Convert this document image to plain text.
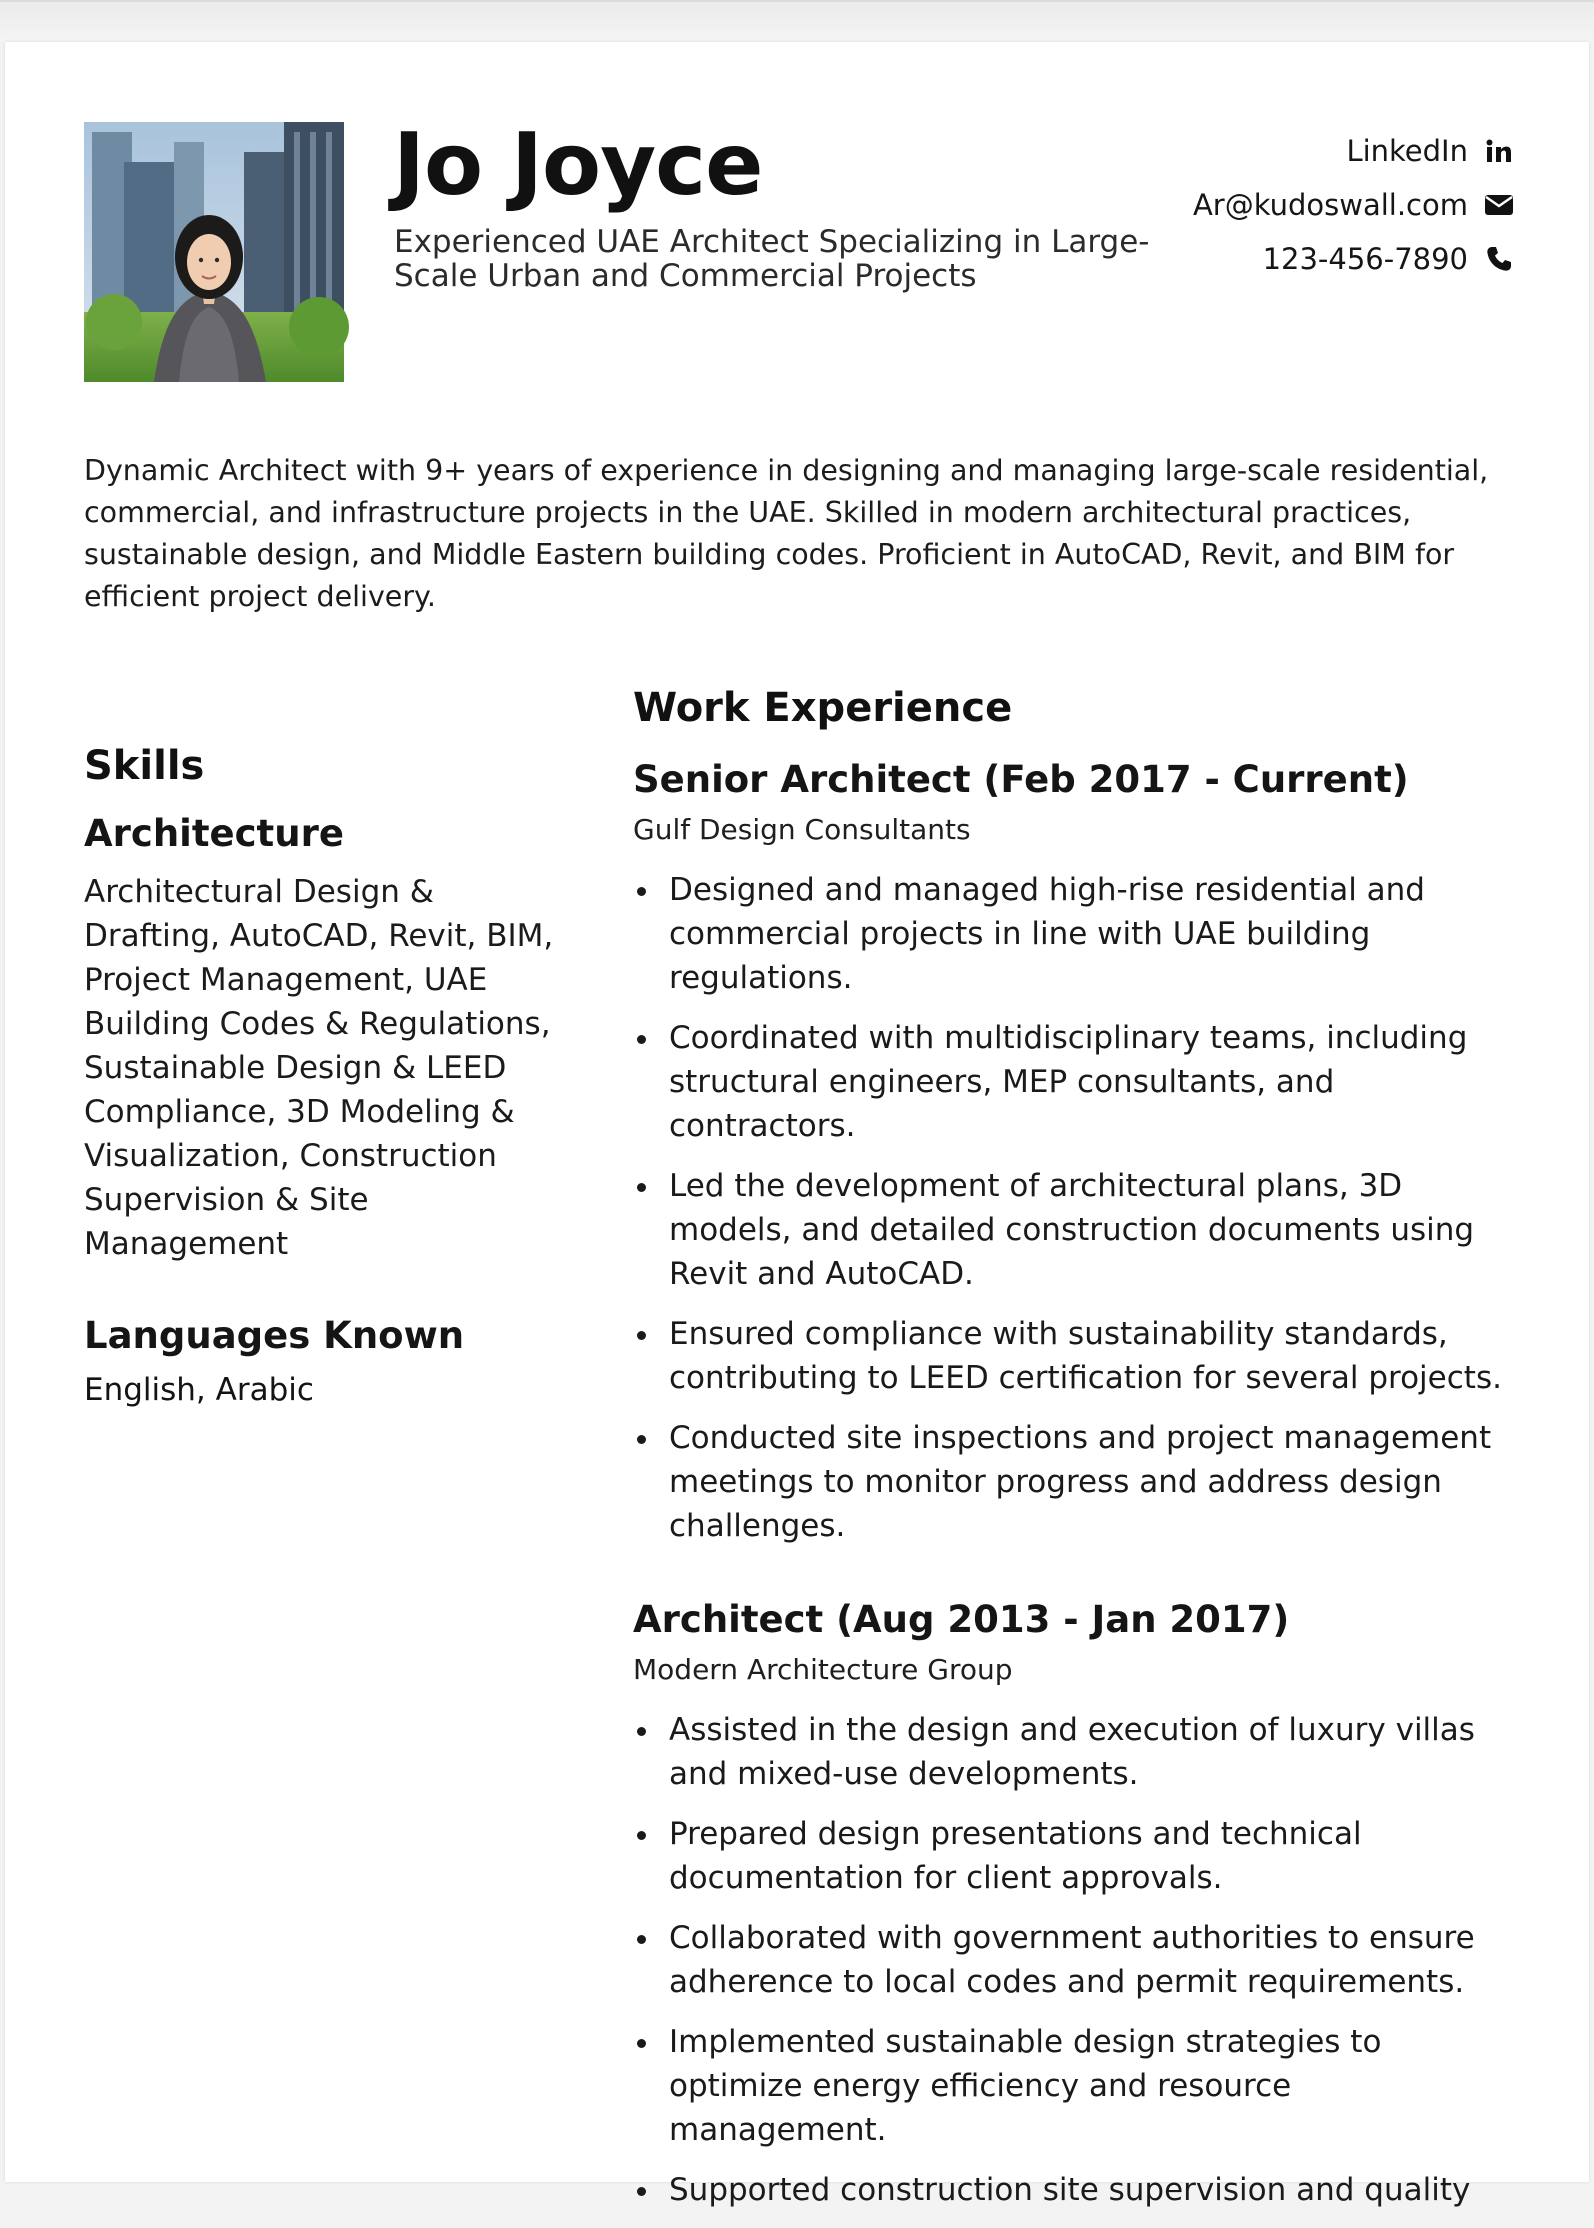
Jo Joyce

Experienced UAE Architect Specializing in Large-Scale Urban and Commercial Projects

LinkedIn
Ar@kudoswall.com
123-456-7890

Dynamic Architect with 9+ years of experience in designing and managing large-scale residential, commercial, and infrastructure projects in the UAE. Skilled in modern architectural practices, sustainable design, and Middle Eastern building codes. Proficient in AutoCAD, Revit, and BIM for efficient project delivery.

Skills
Architecture

Architectural Design & Drafting, AutoCAD, Revit, BIM, Project Management, UAE Building Codes & Regulations, Sustainable Design & LEED Compliance, 3D Modeling & Visualization, Construction Supervision & Site Management

Languages Known

English, Arabic

Work Experience
Senior Architect (Feb 2017 - Current)

Gulf Design Consultants

Designed and managed high-rise residential and commercial projects in line with UAE building regulations.
Coordinated with multidisciplinary teams, including structural engineers, MEP consultants, and contractors.
Led the development of architectural plans, 3D models, and detailed construction documents using Revit and AutoCAD.
Ensured compliance with sustainability standards, contributing to LEED certification for several projects.
Conducted site inspections and project management meetings to monitor progress and address design challenges.
Architect (Aug 2013 - Jan 2017)

Modern Architecture Group

Assisted in the design and execution of luxury villas and mixed-use developments.
Prepared design presentations and technical documentation for client approvals.
Collaborated with government authorities to ensure adherence to local codes and permit requirements.
Implemented sustainable design strategies to optimize energy efficiency and resource management.
Supported construction site supervision and quality
